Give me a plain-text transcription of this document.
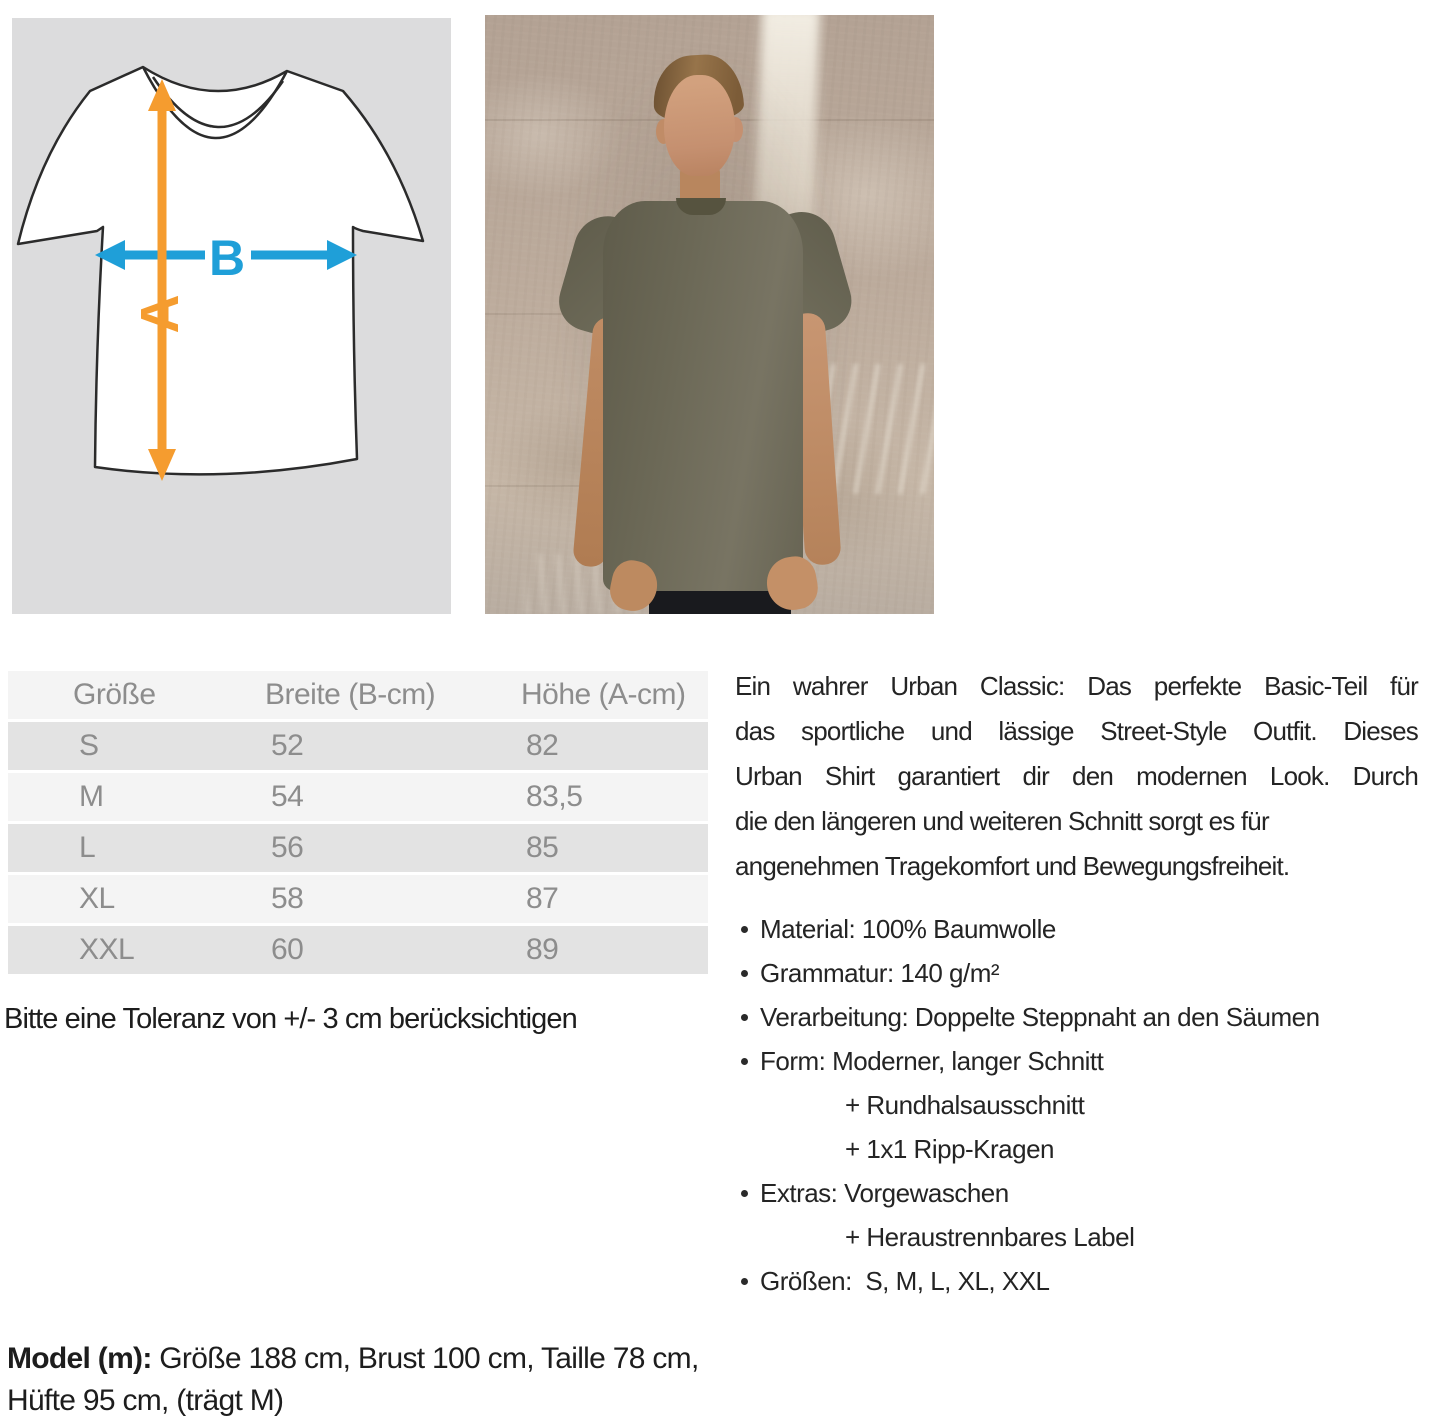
B
A
Größe	Breite (B-cm)	Höhe (A-cm)
S	52	82
M	54	83,5
L	56	85
XL	58	87
XXL	60	89
Bitte eine Toleranz von +/- 3 cm berücksichtigen
Ein wahrer Urban Classic: Das perfekte Basic-Teil für
das sportliche und lässige Street-Style Outfit. Dieses
Urban Shirt garantiert dir den modernen Look. Durch
die den längeren und weiteren Schnitt sorgt es für
angenehmen Tragekomfort und Bewegungsfreiheit.
Material: 100% Baumwolle
Grammatur: 140 g/m²
Verarbeitung: Doppelte Steppnaht an den Säumen
Form: Moderner, langer Schnitt
+ Rundhalsausschnitt
+ 1x1 Ripp-Kragen
Extras: Vorgewaschen
+ Heraustrennbares Label
Größen:  S, M, L, XL, XXL
Model (m): Größe 188 cm, Brust 100 cm, Taille 78 cm,
Hüfte 95 cm, (trägt M)
